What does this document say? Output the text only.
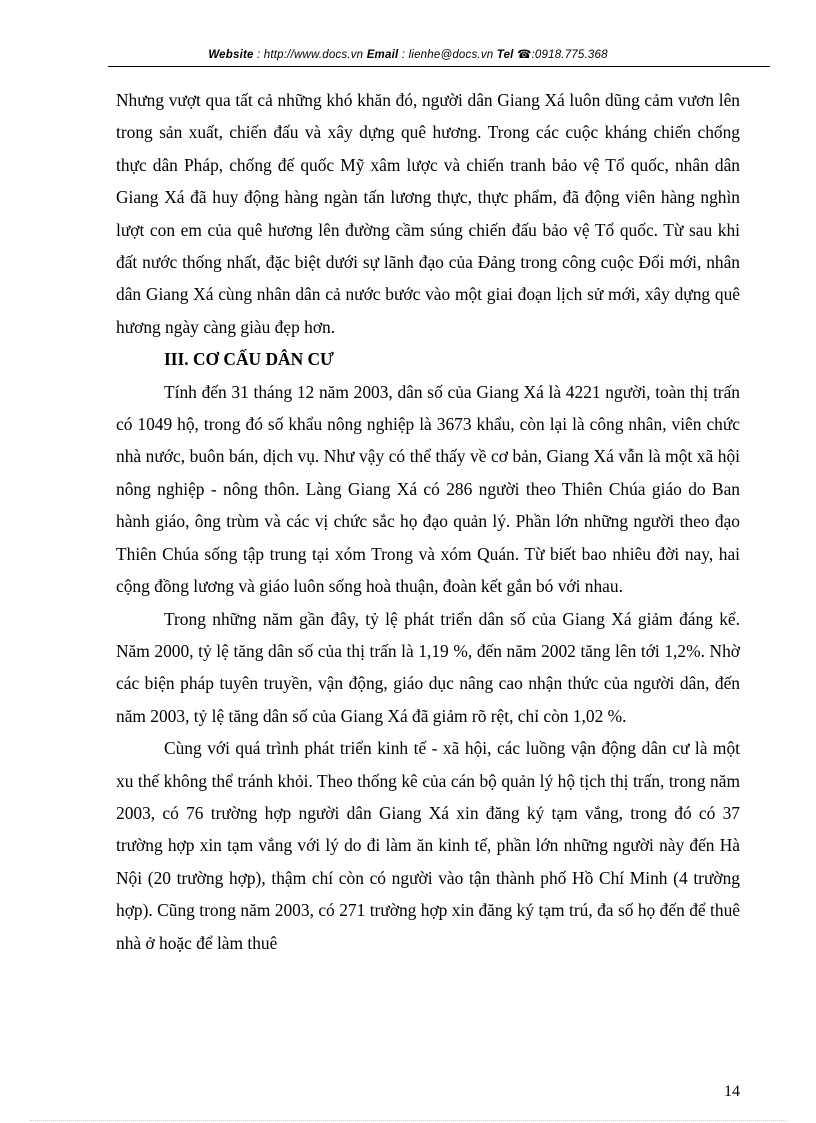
Website : http://www.docs.vn Email : lienhe@docs.vn Tel ☎:0918.775.368

Nhưng vượt qua tất cả những khó khăn đó, người dân Giang Xá luôn dũng cảm vươn lên trong sản xuất, chiến đấu và xây dựng quê hương. Trong các cuộc kháng chiến chống thực dân Pháp, chống đế quốc Mỹ xâm lược và chiến tranh bảo vệ Tổ quốc, nhân dân Giang Xá đã huy động hàng ngàn tấn lương thực, thực phẩm, đã động viên hàng nghìn lượt con em của quê hương lên đường cầm súng chiến đấu bảo vệ Tổ quốc. Từ sau khi đất nước thống nhất, đặc biệt dưới sự lãnh đạo của Đảng trong công cuộc Đổi mới, nhân dân Giang Xá cùng nhân dân cả nước bước vào một giai đoạn lịch sử mới, xây dựng quê hương ngày càng giàu đẹp hơn.

III. CƠ CẤU DÂN CƯ

Tính đến 31 tháng 12 năm 2003, dân số của Giang Xá là 4221 người, toàn thị trấn có 1049 hộ, trong đó số khẩu nông nghiệp là 3673 khẩu, còn lại là công nhân, viên chức nhà nước, buôn bán, dịch vụ. Như vậy có thể thấy về cơ bản, Giang Xá vẫn là một xã hội nông nghiệp - nông thôn. Làng Giang Xá có 286 người theo Thiên Chúa giáo do Ban hành giáo, ông trùm và các vị chức sắc họ đạo quản lý. Phần lớn những người theo đạo Thiên Chúa sống tập trung tại xóm Trong và xóm Quán. Từ biết bao nhiêu đời nay, hai cộng đồng lương và giáo luôn sống hoà thuận, đoàn kết gắn bó với nhau.

Trong những năm gần đây, tỷ lệ phát triển dân số của Giang Xá giảm đáng kể. Năm 2000, tỷ lệ tăng dân số của thị trấn là 1,19 %, đến năm 2002 tăng lên tới 1,2%. Nhờ các biện pháp tuyên truyền, vận động, giáo dục nâng cao nhận thức của người dân, đến năm 2003, tỷ lệ tăng dân số của Giang Xá đã giảm rõ rệt, chỉ còn 1,02 %.

Cùng với quá trình phát triển kinh tế - xã hội, các luồng vận động dân cư là một xu thế không thể tránh khỏi. Theo thống kê của cán bộ quản lý hộ tịch thị trấn, trong năm 2003, có 76 trường hợp người dân Giang Xá xin đăng ký tạm vắng, trong đó có 37 trường hợp xin tạm vắng với lý do đi làm ăn kinh tế, phần lớn những người này đến Hà Nội (20 trường hợp), thậm chí còn có người vào tận thành phố Hồ Chí Minh (4 trường hợp). Cũng trong năm 2003, có 271 trường hợp xin đăng ký tạm trú, đa số họ đến để thuê nhà ở hoặc để làm thuê

14
